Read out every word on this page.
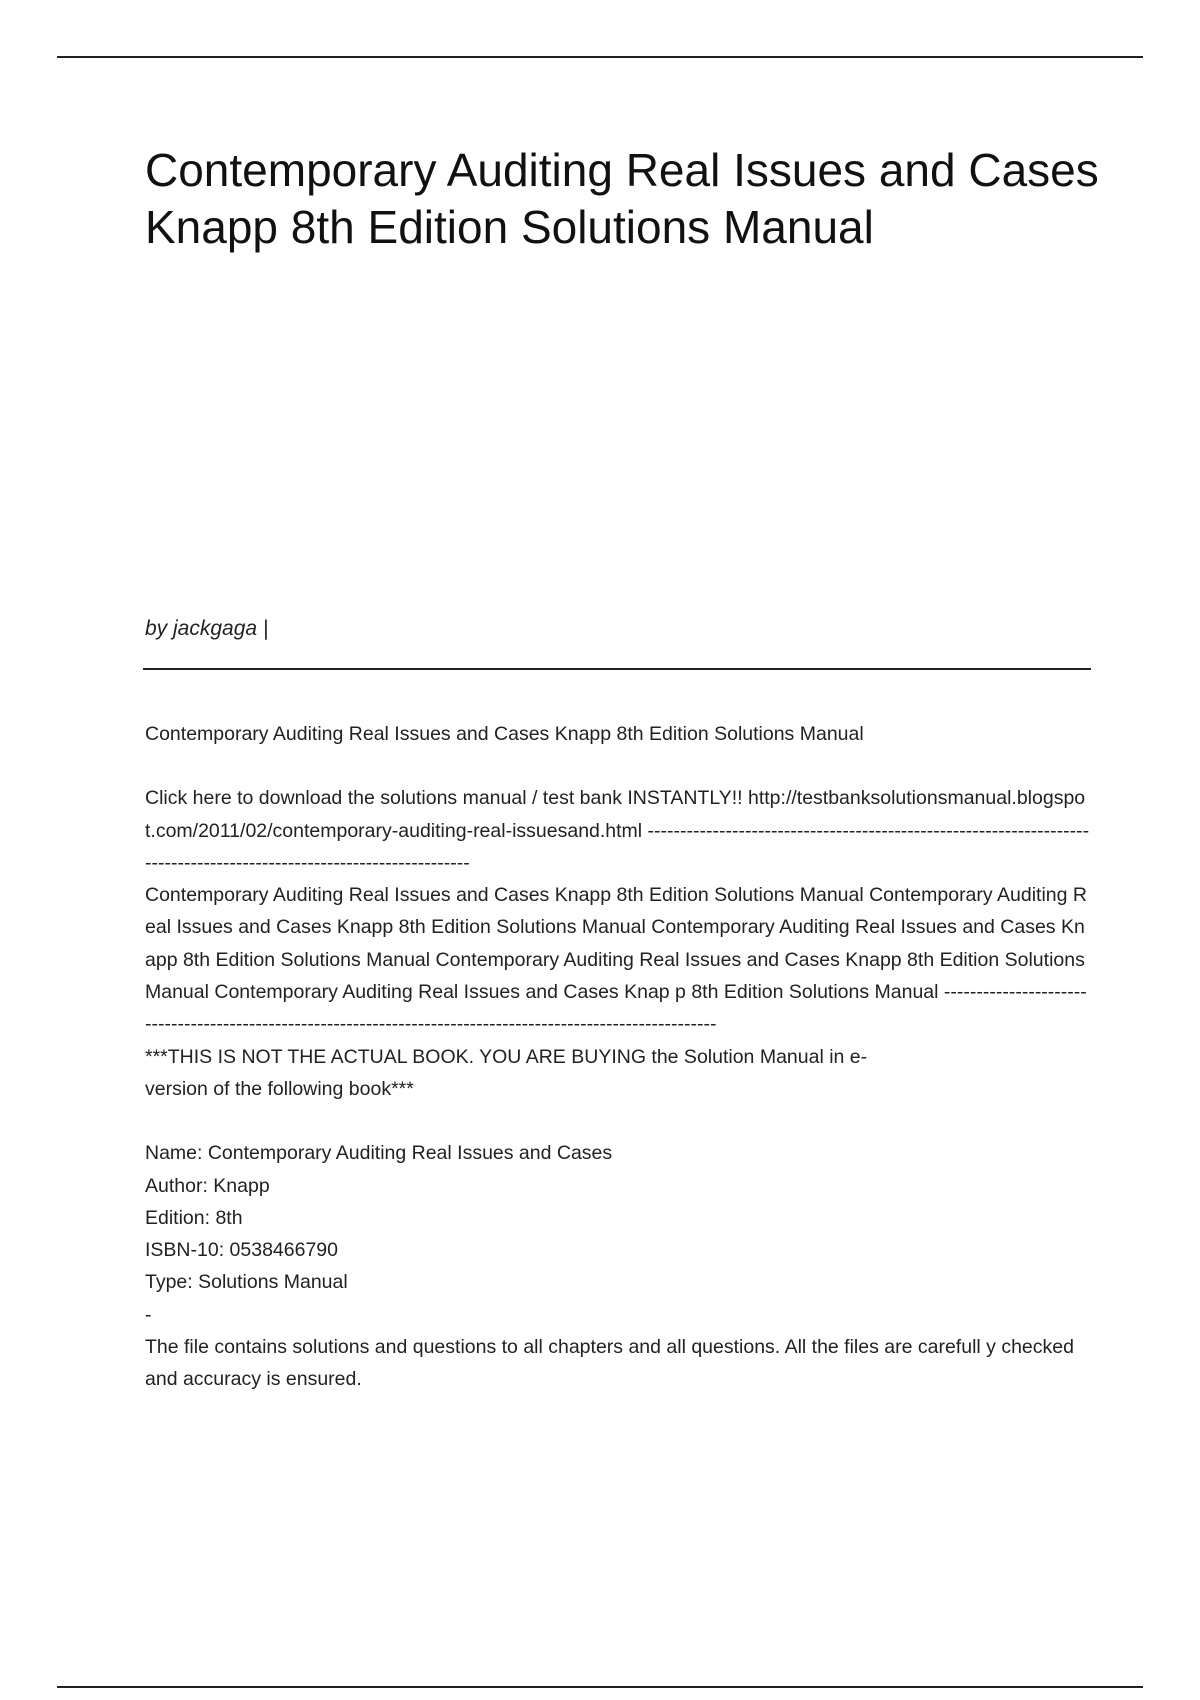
Contemporary Auditing Real Issues and Cases Knapp 8th Edition Solutions Manual

by jackgaga |

Contemporary Auditing Real Issues and Cases Knapp 8th Edition Solutions Manual

Click here to download the solutions manual / test bank INSTANTLY!! http://testbanksolutionsmanual.blogspot.com/2011/02/contemporary-auditing-real-issuesand.html ----------------------------------------------------------------------------------------------------------------------

Contemporary Auditing Real Issues and Cases Knapp 8th Edition Solutions Manual Contemporary Auditing Real Issues and Cases Knapp 8th Edition Solutions Manual Contemporary Auditing Real Issues and Cases Knapp 8th Edition Solutions Manual Contemporary Auditing Real Issues and Cases Knapp 8th Edition Solutions Manual Contemporary Auditing Real Issues and Cases Knap p 8th Edition Solutions Manual --------------------------------------------------------------------------------------------------------------

***THIS IS NOT THE ACTUAL BOOK. YOU ARE BUYING the Solution Manual in e-

version of the following book***

Name: Contemporary Auditing Real Issues and Cases

Author: Knapp

Edition: 8th

ISBN-10: 0538466790

Type: Solutions Manual

-

The file contains solutions and questions to all chapters and all questions. All the files are carefull y checked and accuracy is ensured.
